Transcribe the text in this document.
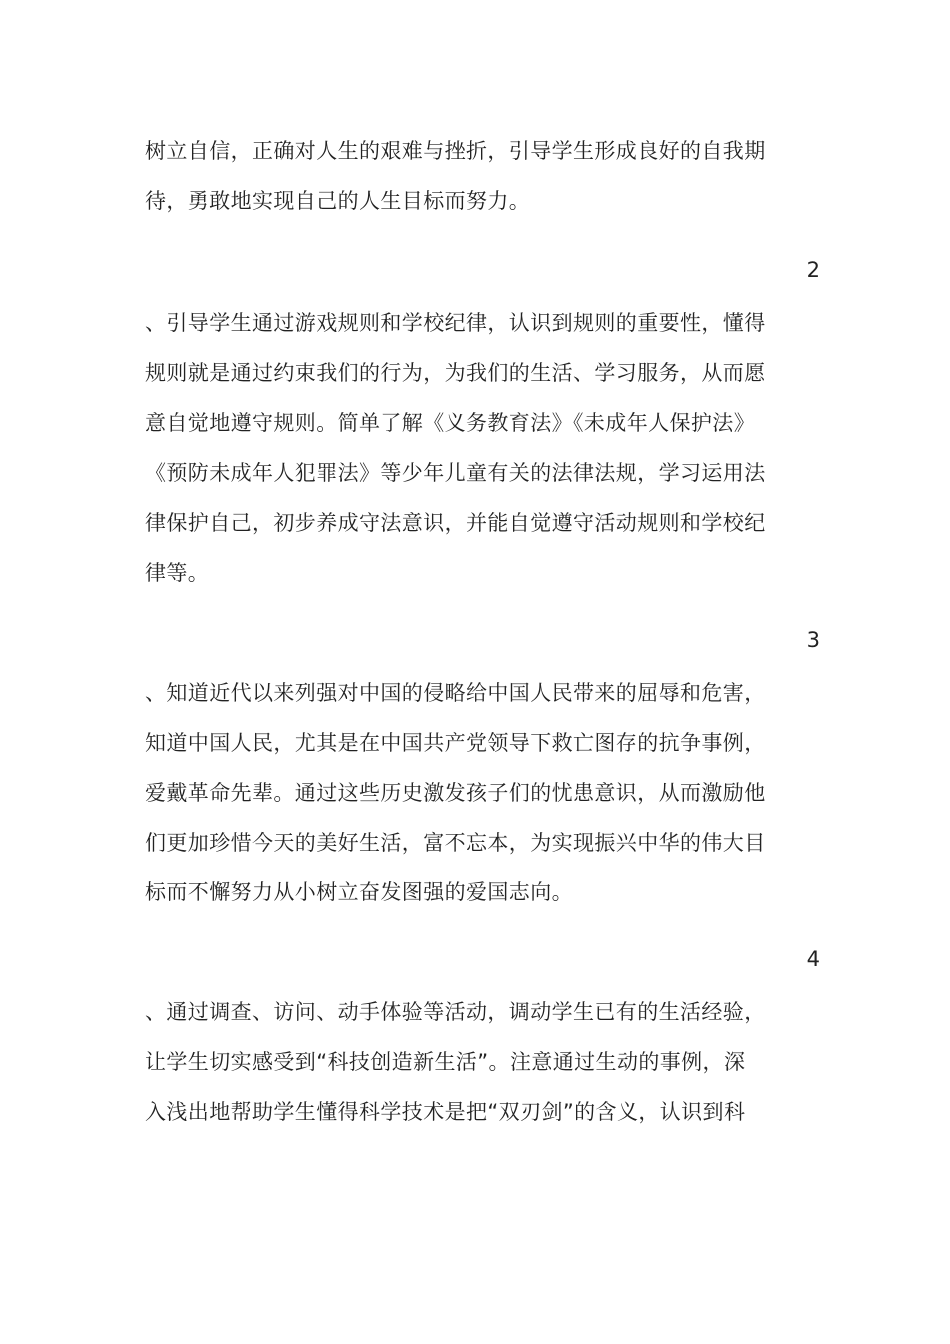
树立自信，正确对人生的艰难与挫折，引导学生形成良好的自我期
待，勇敢地实现自己的人生目标而努力。
2
、引导学生通过游戏规则和学校纪律，认识到规则的重要性，懂得
规则就是通过约束我们的行为，为我们的生活、学习服务，从而愿
意自觉地遵守规则。简单了解《义务教育法》《未成年人保护法》
《预防未成年人犯罪法》等少年儿童有关的法律法规，学习运用法
律保护自己，初步养成守法意识，并能自觉遵守活动规则和学校纪
律等。
3
、知道近代以来列强对中国的侵略给中国人民带来的屈辱和危害，
知道中国人民，尤其是在中国共产党领导下救亡图存的抗争事例，
爱戴革命先辈。通过这些历史激发孩子们的忧患意识，从而激励他
们更加珍惜今天的美好生活，富不忘本，为实现振兴中华的伟大目
标而不懈努力从小树立奋发图强的爱国志向。
4
、通过调查、访问、动手体验等活动，调动学生已有的生活经验，
让学生切实感受到“科技创造新生活”。注意通过生动的事例，深
入浅出地帮助学生懂得科学技术是把“双刃剑”的含义，认识到科
